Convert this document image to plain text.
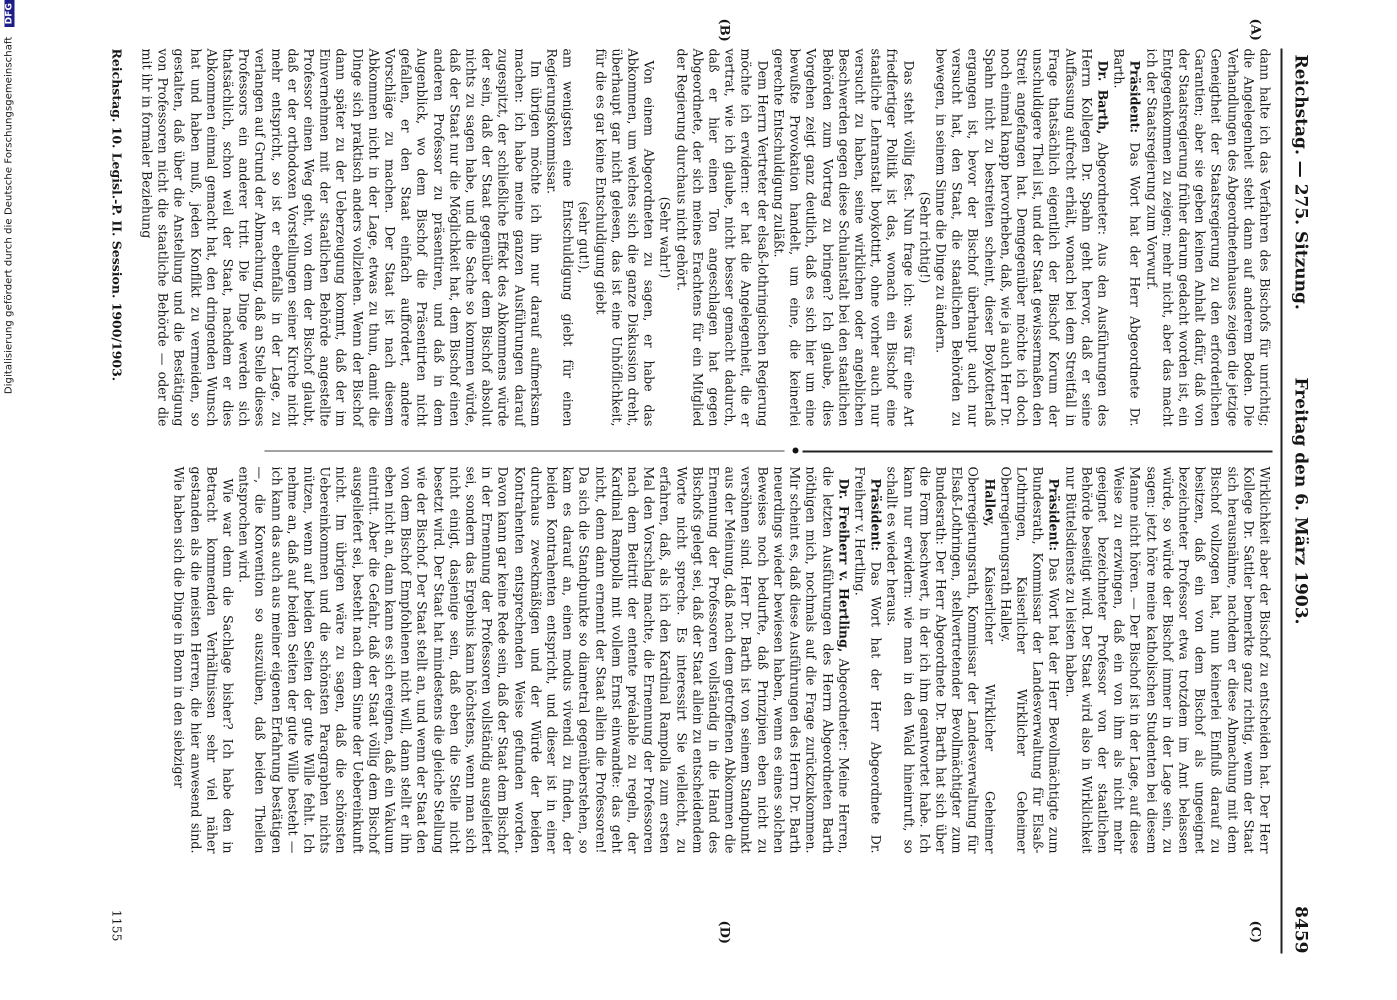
Digitalisierung gefördert durch die Deutsche Forschungsgemeinschaft DFG
Reichstag. — 275. Sitzung.
Freitag den 6. März 1903.
8459
(A)
(B)
(C)
(D)

dann halte ich das Verfahren des Bischofs für unrichtig; die Angelegenheit steht dann auf anderem Boden. Die Verhandlungen des Abgeordnetenhauses zeigen die jetzige Geneigtheit der Staatsregierung zu den erforderlichen Garantien; aber sie geben keinen Anhalt dafür, daß von der Staatsregierung früher darum gedacht worden ist, ein Entgegenkommen zu zeigen; mehr nicht, aber das macht ich der Staatsregierung zum Vorwurf.

Präsident: Das Wort hat der Herr Abgeordnete Dr. Barth.

Dr. Barth, Abgeordneter: Aus den Ausführungen des Herrn Kollegen Dr. Spahn geht hervor, daß er seine Auffassung aufrecht erhält, wonach bei dem Streitfall in Frage thatsächlich eigentlich der Bischof Korum der unschuldigere Theil ist, und der Staat gewissermaßen den Streit angefangen hat. Demgegenüber möchte ich doch noch einmal knapp hervorheben, daß, wie ja auch Herr Dr. Spahn nicht zu bestreiten scheint, dieser Boykotterlaß ergangen ist, bevor der Bischof überhaupt auch nur versucht hat, den Staat, die staatlichen Behörden zu bewegen, in seinem Sinne die Dinge zu ändern.

(Sehr richtig!)

Das steht völlig fest. Nun frage ich: was für eine Art friedfertiger Politik ist das, wonach ein Bischof eine staatliche Lehranstalt boykottirt, ohne vorher auch nur versucht zu haben, seine wirklichen oder angeblichen Beschwerden gegen diese Schulanstalt bei den staatlichen Behörden zum Vortrag zu bringen? Ich glaube, dies Vorgehen zeigt ganz deutlich, daß es sich hier um eine bewußte Provokation handelt, um eine, die keinerlei gerechte Entschuldigung zuläßt.

Dem Herrn Vertreter der elsaß-lothringischen Regierung möchte ich erwidern: er hat die Angelegenheit, die er vertrat, wie ich glaube, nicht besser gemacht dadurch, daß er hier einen Ton angeschlagen hat gegen Abgeordnete, der sich meines Erachtens für ein Mitglied der Regierung durchaus nicht gehört.

(Sehr wahr!)

Von einem Abgeordneten zu sagen, er habe das Abkommen, um welches sich die ganze Diskussion dreht, überhaupt gar nicht gelesen, das ist eine Unhöflichkeit, für die es gar keine Entschuldigung giebt

(sehr gut!),

am wenigsten eine Entschuldigung giebt für einen Regierungskommissar.

Im übrigen möchte ich ihn nur darauf aufmerksam machen: ich habe meine ganzen Ausführungen darauf zugespitzt, der schließliche Effekt des Abkommens würde der sein, daß der Staat gegenüber dem Bischof absolut nichts zu sagen habe, und die Sache so kommen würde, daß der Staat nur die Möglichkeit hat, dem Bischof einen anderen Professor zu präsentiren, und daß in dem Augenblick, wo dem Bischof die Präsentirten nicht gefallen, er den Staat einfach auffordert, andere Vorschläge zu machen. Der Staat ist nach diesem Abkommen nicht in der Lage, etwas zu thun, damit die Dinge sich praktisch anders vollziehen. Wenn der Bischof dann später zu der Ueberzeugung kommt, daß der im Einvernehmen mit der staatlichen Behörde angestellte Professor einen Weg geht, von dem der Bischof glaubt, daß er der orthodoxen Vorstellungen seiner Kirche nicht mehr entspricht, so ist er ebenfalls in der Lage, zu verlangen auf Grund der Abmachung, daß an Stelle dieses Professors ein anderer tritt. Die Dinge werden sich thatsächlich, schon weil der Staat, nachdem er dies Abkommen einmal gemacht hat, den dringenden Wunsch hat und haben muß, jeden Konflikt zu vermeiden, so gestalten, daß über die Anstellung und die Bestätigung von Professoren nicht die staatliche Behörde — oder die mit ihr in formaler Beziehung

Wirklichkeit aber der Bischof zu entscheiden hat. Der Herr Kollege Dr. Sattler bemerkte ganz richtig, wenn der Staat sich herausnähme, nachdem er diese Abmachung mit dem Bischof vollzogen hat, nun keinerlei Einfluß darauf zu besitzen, daß ein von dem Bischof als ungeeignet bezeichneter Professor etwa trotzdem im Amt belassen würde, so würde der Bischof immer in der Lage sein, zu sagen: jetzt höre meine katholischen Studenten bei diesem Manne nicht hören. — Der Bischof ist in der Lage, auf diese Weise zu erzwingen, daß ein von ihm als nicht mehr geeignet bezeichneter Professor von der staatlichen Behörde beseitigt wird. Der Staat wird also in Wirklichkeit nur Büttelsdienste zu leisten haben.

Präsident: Das Wort hat der Herr Bevollmächtigte zum Bundesrath, Kommissar der Landesverwaltung für Elsaß-Lothringen, Kaiserlicher Wirklicher Geheimer Oberregierungsrath Halley.

Halley, Kaiserlicher Wirklicher Geheimer Oberregierungsrath, Kommissar der Landesverwaltung für Elsaß-Lothringen, stellvertretender Bevollmächtigter zum Bundesrath: Der Herr Abgeordnete Dr. Barth hat sich über die Form beschwert, in der ich ihm geantwortet habe. Ich kann nur erwidern: wie man in den Wald hineinruft, so schallt es wieder heraus.

Präsident: Das Wort hat der Herr Abgeordnete Dr. Freiherr v. Hertling.

Dr. Freiherr v. Hertling, Abgeordneter: Meine Herren, die letzten Ausführungen des Herrn Abgeordneten Barth nöthigen mich, nochmals auf die Frage zurückzukommen. Mir scheint es, daß diese Ausführungen des Herrn Dr. Barth neuerdings wieder bewiesen haben, wenn es eines solchen Beweises noch bedurfte, daß Prinzipien eben nicht zu versöhnen sind. Herr Dr. Barth ist von seinem Standpunkt aus der Meinung, daß nach dem getroffenen Abkommen die Ernennung der Professoren vollständig in die Hand des Bischofs gelegt sei, daß der Staat allein zu entscheidendem Worte nicht spreche. Es interessirt Sie vielleicht, zu erfahren, daß, als ich den Kardinal Rampolla zum ersten Mal den Vorschlag machte, die Ernennung der Professoren nach dem Beitritt der entente préalable zu regeln, der Kardinal Rampolla mit vollem Ernst einwandte: das geht nicht, denn dann ernennt der Staat allein die Professoren! Da sich die Standpunkte so diametral gegenüberstehen, so kam es darauf an, einen modus vivendi zu finden, der beiden Kontrahenten entspricht, und dieser ist in einer durchaus zweckmäßigen und der Würde der beiden Kontrahenten entsprechenden Weise gefunden worden. Davon kann gar keine Rede sein, daß der Staat dem Bischof in der Ernennung der Professoren vollständig ausgeliefert sei, sondern das Ergebnis kann höchstens, wenn man sich nicht einigt, dasjenige sein, daß eben die Stelle nicht besetzt wird. Der Staat hat mindestens die gleiche Stellung wie der Bischof. Der Staat stellt an, und wenn der Staat den von dem Bischof Empfohlenen nicht will, dann stellt er ihn eben nicht an, dann kann es sich ereignen, daß ein Vakuum eintritt. Aber die Gefahr, daß der Staat völlig dem Bischof ausgeliefert sei, besteht nach dem Sinne der Uebereinkunft nicht. Im übrigen wäre zu sagen, daß die schönsten Uebereinkommen und die schönsten Paragraphen nichts nützen, wenn auf beiden Seiten der gute Wille fehlt. Ich nehme an, daß auf beiden Seiten der gute Wille besteht — ich kann das auch aus meiner eigenen Erfahrung bestätigen —, die Konvention so auszuüben, daß beiden Theilen entsprochen wird.

Wie war denn die Sachlage bisher? Ich habe den in Betracht kommenden Verhältnissen sehr viel näher gestanden als die meisten Herren, die hier anwesend sind. Wie haben sich die Dinge in Bonn in den siebziger

Reichstag. 10. Legisl.-P. II. Session. 1900/1903.
1155
